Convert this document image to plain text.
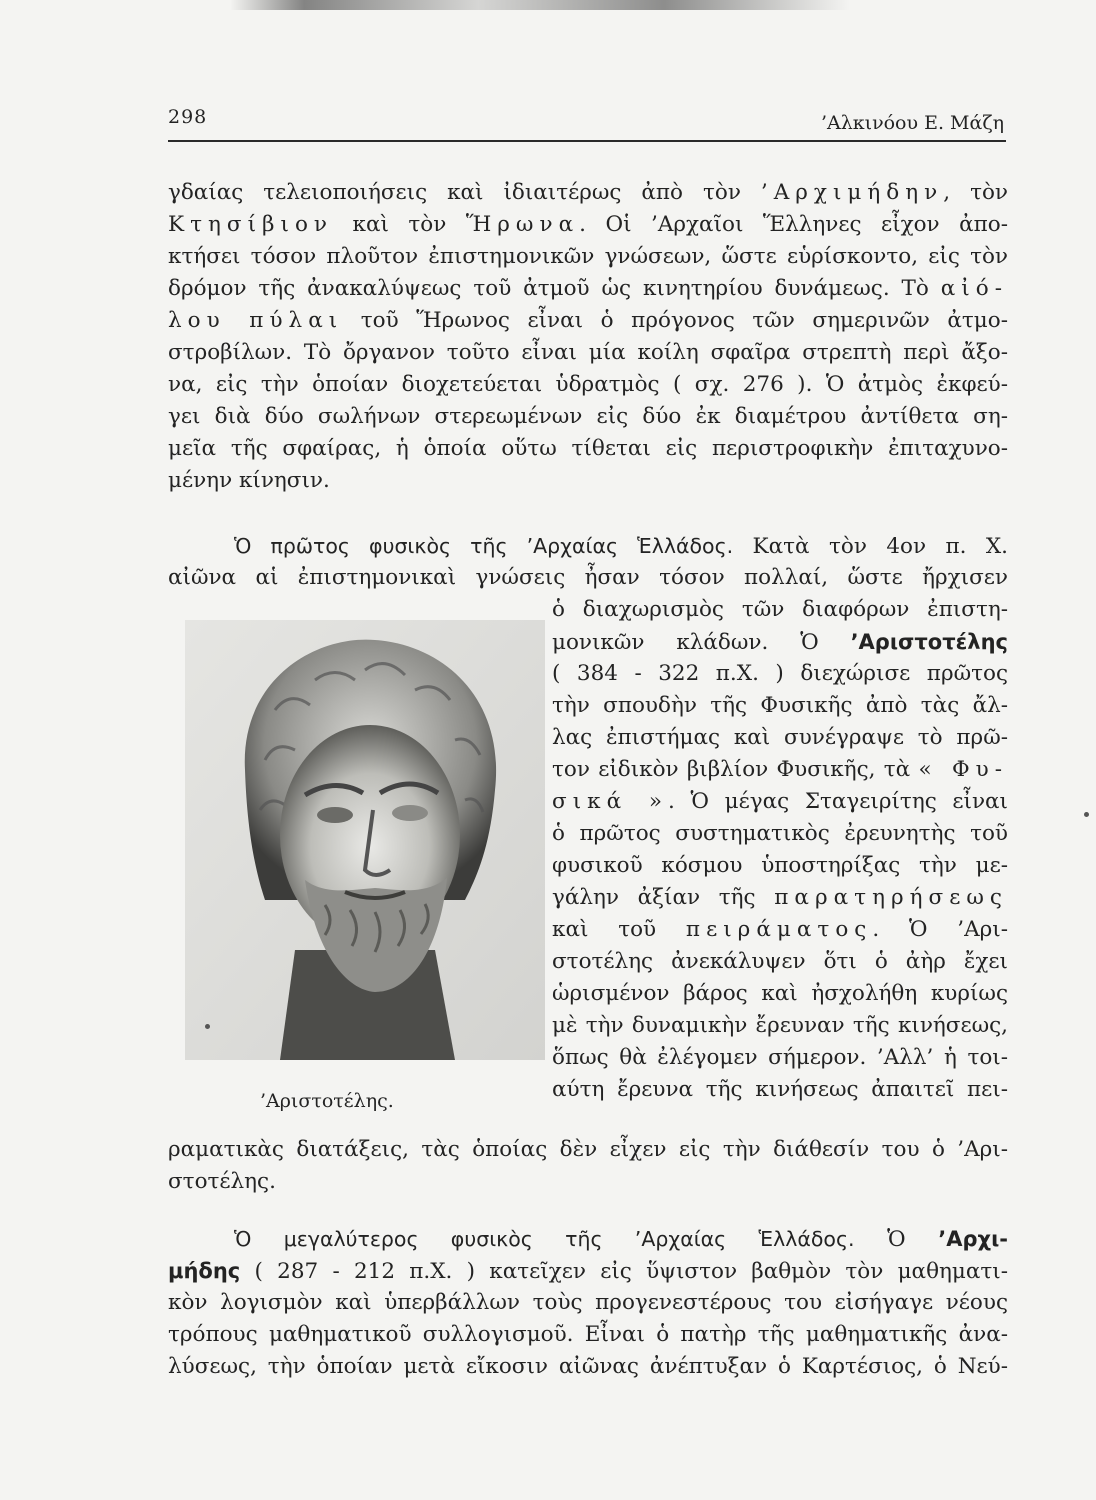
298	’Αλκινόου Ε. Μάζη
γδαίας τελειοποιήσεις καὶ ἰδιαιτέρως ἀπὸ τὸν ’Αρχιμήδην, τὸν
Κτησίβιον καὶ τὸν Ἥρωνα. Οἱ ’Αρχαῖοι Ἕλληνες εἶχον ἀπο-
κτήσει τόσον πλοῦτον ἐπιστημονικῶν γνώσεων, ὥστε εὑρίσκοντο, εἰς τὸν
δρόμον τῆς ἀνακαλύψεως τοῦ ἀτμοῦ ὡς κινητηρίου δυνάμεως. Τὸ αἰό-
λου πύλαι τοῦ Ἥρωνος εἶναι ὁ πρόγονος τῶν σημερινῶν ἀτμο-
στροβίλων. Τὸ ὄργανον τοῦτο εἶναι μία κοίλη σφαῖρα στρεπτὴ περὶ ἄξο-
να, εἰς τὴν ὁποίαν διοχετεύεται ὑδρατμὸς ( σχ. 276 ). Ὁ ἀτμὸς ἐκφεύ-
γει διὰ δύο σωλήνων στερεωμένων εἰς δύο ἐκ διαμέτρου ἀντίθετα ση-
μεῖα τῆς σφαίρας, ἡ ὁποία οὕτω τίθεται εἰς περιστροφικὴν ἐπιταχυνο-
μένην κίνησιν.
Ὁ πρῶτος φυσικὸς τῆς ’Αρχαίας Ἑλλάδος. Κατὰ τὸν 4ον π. Χ.
αἰῶνα αἱ ἐπιστημονικαὶ γνώσεις ἦσαν τόσον πολλαί, ὥστε ἤρχισεν
ὁ διαχωρισμὸς τῶν διαφόρων ἐπιστη-
μονικῶν κλάδων. Ὁ ’Αριστοτέλης
( 384 - 322 π.Χ. ) διεχώρισε πρῶτος
τὴν σπουδὴν τῆς Φυσικῆς ἀπὸ τὰς ἄλ-
λας ἐπιστήμας καὶ συνέγραψε τὸ πρῶ-
τον εἰδικὸν βιβλίον Φυσικῆς, τὰ « Φυ-
σικά ». Ὁ μέγας Σταγειρίτης εἶναι
ὁ πρῶτος συστηματικὸς ἐρευνητὴς τοῦ
φυσικοῦ κόσμου ὑποστηρίξας τὴν με-
γάλην ἀξίαν τῆς παρατηρήσεως
καὶ τοῦ πειράματος. Ὁ ’Αρι-
στοτέλης ἀνεκάλυψεν ὅτι ὁ ἀὴρ ἔχει
ὡρισμένον βάρος καὶ ἠσχολήθη κυρίως
μὲ τὴν δυναμικὴν ἔρευναν τῆς κινήσεως,
ὅπως θὰ ἐλέγομεν σήμερον. ’Αλλ’ ἡ τοι-
αύτη ἔρευνα τῆς κινήσεως ἀπαιτεῖ πει-
’Αριστοτέλης.
ραματικὰς διατάξεις, τὰς ὁποίας δὲν εἶχεν εἰς τὴν διάθεσίν του ὁ ’Αρι-
στοτέλης.
Ὁ μεγαλύτερος φυσικὸς τῆς ’Αρχαίας Ἑλλάδος. Ὁ ’Αρχι-
μήδης ( 287 - 212 π.Χ. ) κατεῖχεν εἰς ὕψιστον βαθμὸν τὸν μαθηματι-
κὸν λογισμὸν καὶ ὑπερβάλλων τοὺς προγενεστέρους του εἰσήγαγε νέους
τρόπους μαθηματικοῦ συλλογισμοῦ. Εἶναι ὁ πατὴρ τῆς μαθηματικῆς ἀνα-
λύσεως, τὴν ὁποίαν μετὰ εἴκοσιν αἰῶνας ἀνέπτυξαν ὁ Καρτέσιος, ὁ Νεύ-
